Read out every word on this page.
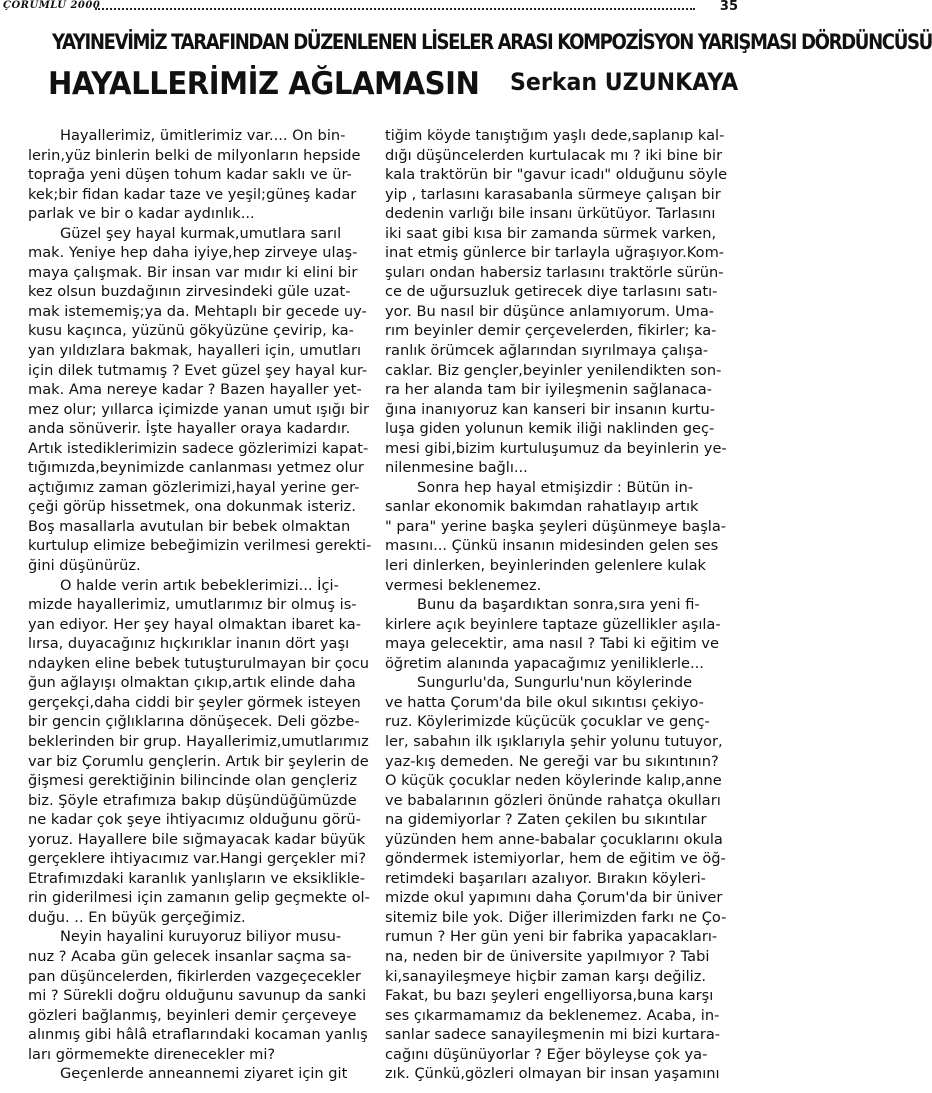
ÇORUMLU 2000	35
YAYINEVİMİZ TARAFINDAN DÜZENLENEN LİSELER ARASI KOMPOZİSYON YARIŞMASI DÖRDÜNCÜSÜ
HAYALLERİMİZ AĞLAMASIN Serkan UZUNKAYA
Hayallerimiz, ümitlerimiz var.... On bin-
lerin,yüz binlerin belki de milyonların hepside
toprağa yeni düşen tohum kadar saklı ve ür-
kek;bir fidan kadar taze ve yeşil;güneş kadar
parlak ve bir o kadar aydınlık...
Güzel şey hayal kurmak,umutlara sarıl
mak. Yeniye hep daha iyiye,hep zirveye ulaş-
maya çalışmak. Bir insan var mıdır ki elini bir
kez olsun buzdağının zirvesindeki güle uzat-
mak istememiş;ya da. Mehtaplı bir gecede uy-
kusu kaçınca, yüzünü gökyüzüne çevirip, ka-
yan yıldızlara bakmak, hayalleri için, umutları
için dilek tutmamış ? Evet güzel şey hayal kur-
mak. Ama nereye kadar ? Bazen hayaller yet-
mez olur; yıllarca içimizde yanan umut ışığı bir
anda sönüverir. İşte hayaller oraya kadardır.
Artık istediklerimizin sadece gözlerimizi kapat-
tığımızda,beynimizde canlanması yetmez olur
açtığımız zaman gözlerimizi,hayal yerine ger-
çeği görüp hissetmek, ona dokunmak isteriz.
Boş masallarla avutulan bir bebek olmaktan
kurtulup elimize bebeğimizin verilmesi gerekti-
ğini düşünürüz.
O halde verin artık bebeklerimizi... İçi-
mizde hayallerimiz, umutlarımız bir olmuş is-
yan ediyor. Her şey hayal olmaktan ibaret ka-
lırsa, duyacağınız hıçkırıklar inanın dört yaşı
ndayken eline bebek tutuşturulmayan bir çocu
ğun ağlayışı olmaktan çıkıp,artık elinde daha
gerçekçi,daha ciddi bir şeyler görmek isteyen
bir gencin çığlıklarına dönüşecek. Deli gözbe-
beklerinden bir grup. Hayallerimiz,umutlarımız
var biz Çorumlu gençlerin. Artık bir şeylerin de
ğişmesi gerektiğinin bilincinde olan gençleriz
biz. Şöyle etrafımıza bakıp düşündüğümüzde
ne kadar çok şeye ihtiyacımız olduğunu görü-
yoruz. Hayallere bile sığmayacak kadar büyük
gerçeklere ihtiyacımız var.Hangi gerçekler mi?
Etrafımızdaki karanlık yanlışların ve eksiklikle-
rin giderilmesi için zamanın gelip geçmekte ol-
duğu. .. En büyük gerçeğimiz.
Neyin hayalini kuruyoruz biliyor musu-
nuz ? Acaba gün gelecek insanlar saçma sa-
pan düşüncelerden, fikirlerden vazgeçecekler
mi ? Sürekli doğru olduğunu savunup da sanki
gözleri bağlanmış, beyinleri demir çerçeveye
alınmış gibi hâlâ etraflarındaki kocaman yanlış
ları görmemekte direnecekler mi?
Geçenlerde anneannemi ziyaret için git
tiğim köyde tanıştığım yaşlı dede,saplanıp kal-
dığı düşüncelerden kurtulacak mı ? iki bine bir
kala traktörün bir "gavur icadı" olduğunu söyle
yip , tarlasını karasabanla sürmeye çalışan bir
dedenin varlığı bile insanı ürkütüyor. Tarlasını
iki saat gibi kısa bir zamanda sürmek varken,
inat etmiş günlerce bir tarlayla uğraşıyor.Kom-
şuları ondan habersiz tarlasını traktörle sürün-
ce de uğursuzluk getirecek diye tarlasını satı-
yor. Bu nasıl bir düşünce anlamıyorum. Uma-
rım beyinler demir çerçevelerden, fikirler; ka-
ranlık örümcek ağlarından sıyrılmaya çalışa-
caklar. Biz gençler,beyinler yenilendikten son-
ra her alanda tam bir iyileşmenin sağlanaca-
ğına inanıyoruz kan kanseri bir insanın kurtu-
luşa giden yolunun kemik iliği naklinden geç-
mesi gibi,bizim kurtuluşumuz da beyinlerin ye-
nilenmesine bağlı...
Sonra hep hayal etmişizdir : Bütün in-
sanlar ekonomik bakımdan rahatlayıp artık
" para" yerine başka şeyleri düşünmeye başla-
masını... Çünkü insanın midesinden gelen ses
leri dinlerken, beyinlerinden gelenlere kulak
vermesi beklenemez.
Bunu da başardıktan sonra,sıra yeni fi-
kirlere açık beyinlere taptaze güzellikler aşıla-
maya gelecektir, ama nasıl ? Tabi ki eğitim ve
öğretim alanında yapacağımız yeniliklerle...
Sungurlu'da, Sungurlu'nun köylerinde
ve hatta Çorum'da bile okul sıkıntısı çekiyo-
ruz. Köylerimizde küçücük çocuklar ve genç-
ler, sabahın ilk ışıklarıyla şehir yolunu tutuyor,
yaz-kış demeden. Ne gereği var bu sıkıntının?
O küçük çocuklar neden köylerinde kalıp,anne
ve babalarının gözleri önünde rahatça okulları
na gidemiyorlar ? Zaten çekilen bu sıkıntılar
yüzünden hem anne-babalar çocuklarını okula
göndermek istemiyorlar, hem de eğitim ve öğ-
retimdeki başarıları azalıyor. Bırakın köyleri-
mizde okul yapımını daha Çorum'da bir üniver
sitemiz bile yok. Diğer illerimizden farkı ne Ço-
rumun ? Her gün yeni bir fabrika yapacakları-
na, neden bir de üniversite yapılmıyor ? Tabi
ki,sanayileşmeye hiçbir zaman karşı değiliz.
Fakat, bu bazı şeyleri engelliyorsa,buna karşı
ses çıkarmamamız da beklenemez. Acaba, in-
sanlar sadece sanayileşmenin mi bizi kurtara-
cağını düşünüyorlar ? Eğer böyleyse çok ya-
zık. Çünkü,gözleri olmayan bir insan yaşamını
